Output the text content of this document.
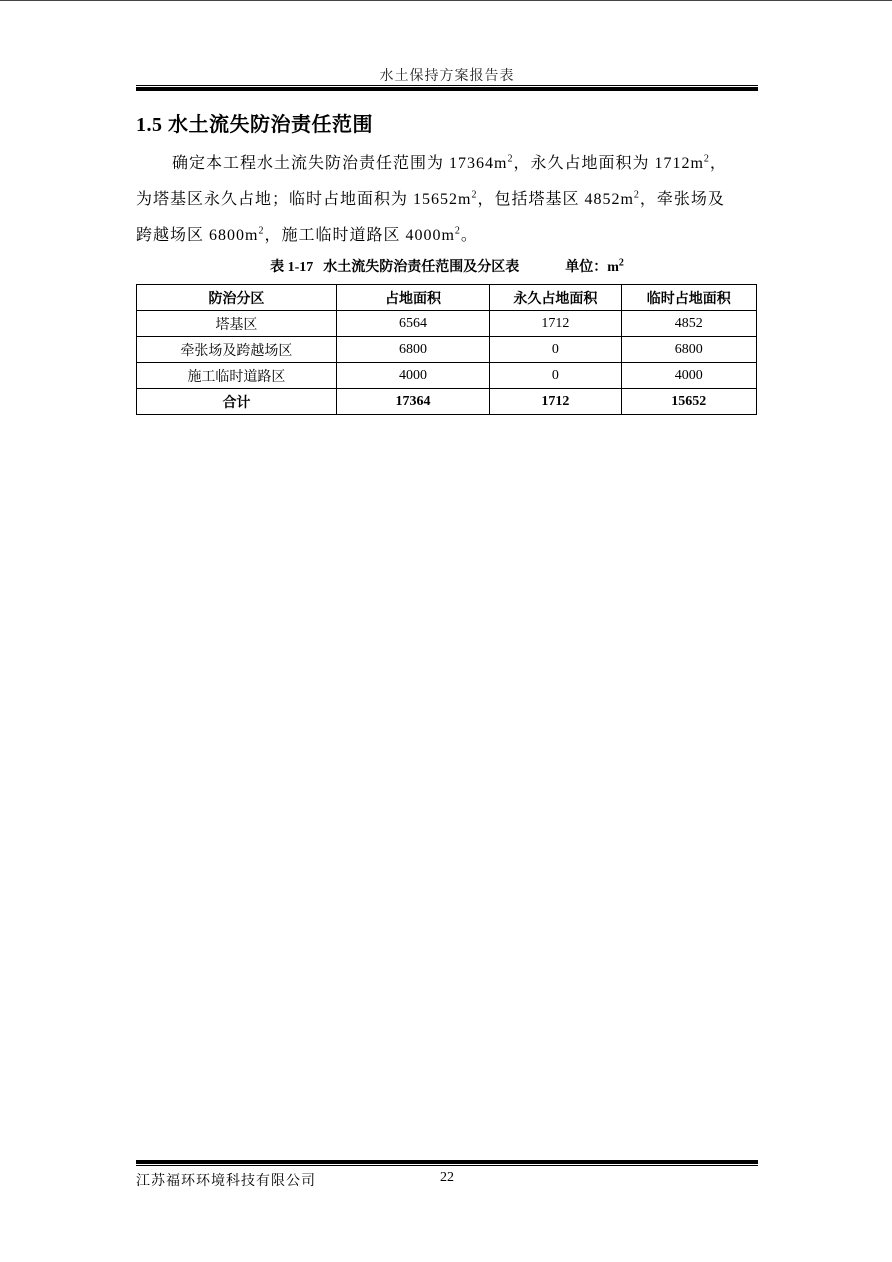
水土保持方案报告表
1.5 水土流失防治责任范围
确定本工程水土流失防治责任范围为 $17364m^2$，永久占地面积为 $1712m^2$，
为塔基区永久占地；临时占地面积为 $15652m^2$，包括塔基区 $4852m^2$，牵张场及
跨越场区 $6800m^2$，施工临时道路区 $4000m^2$。
表 1-17 水土流失防治责任范围及分区表	单位：$m^2$
防治分区	占地面积	永久占地面积	临时占地面积
塔基区	6564	1712	4852
牵张场及跨越场区	6800	0	6800
施工临时道路区	4000	0	4000
合计	17364	1712	15652
江苏福环环境科技有限公司	22
